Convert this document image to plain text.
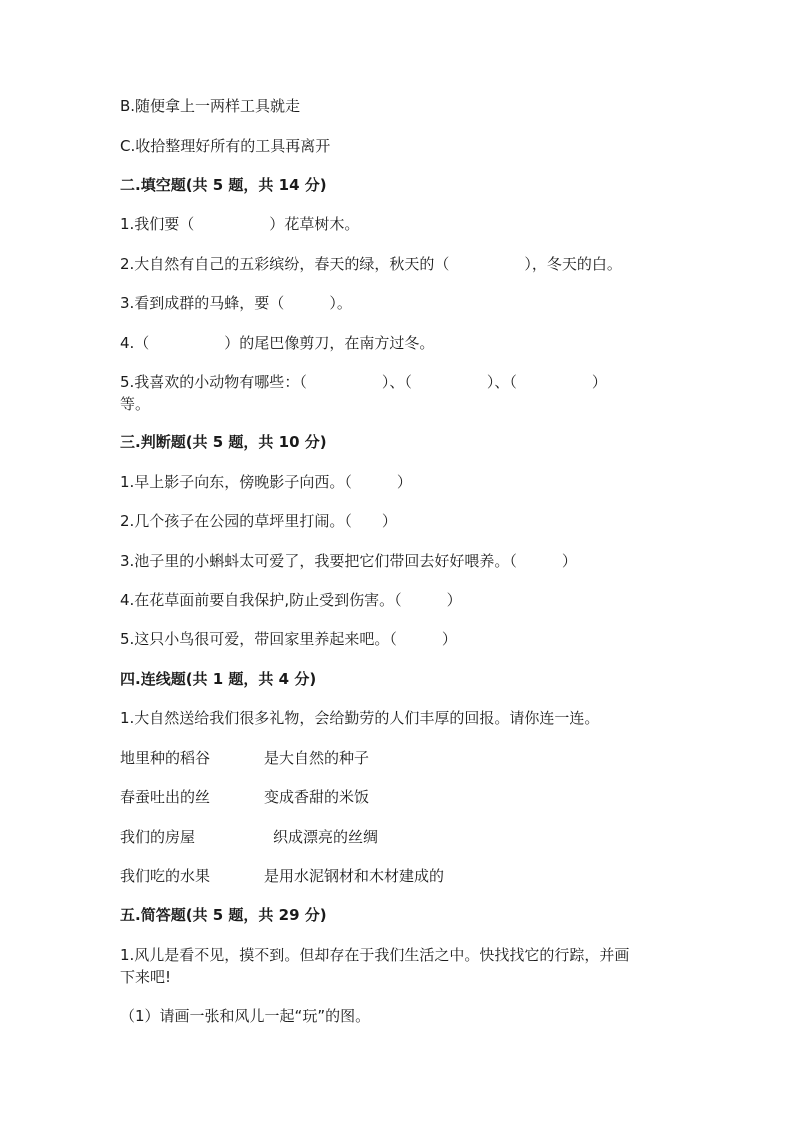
B.随便拿上一两样工具就走
C.收拾整理好所有的工具再离开
二.填空题(共 5 题，共 14 分)
1.我们要（　　　　　）花草树木。
2.大自然有自己的五彩缤纷，春天的绿，秋天的（　　　　　），冬天的白。
3.看到成群的马蜂，要（　　　）。
4.（　　　　　）的尾巴像剪刀，在南方过冬。
5.我喜欢的小动物有哪些：（　　　　　）、（　　　　　）、（　　　　　）
等。
三.判断题(共 5 题，共 10 分)
1.早上影子向东，傍晚影子向西。（　　　）
2.几个孩子在公园的草坪里打闹。（　　）
3.池子里的小蝌蚪太可爱了，我要把它们带回去好好喂养。（　　　）
4.在花草面前要自我保护,防止受到伤害。（　　　）
5.这只小鸟很可爱，带回家里养起来吧。（　　　）
四.连线题(共 1 题，共 4 分)
1.大自然送给我们很多礼物，会给勤劳的人们丰厚的回报。请你连一连。
地里种的稻谷	是大自然的种子
春蚕吐出的丝	变成香甜的米饭
我们的房屋	织成漂亮的丝绸
我们吃的水果	是用水泥钢材和木材建成的
五.简答题(共 5 题，共 29 分)
1.风儿是看不见，摸不到。但却存在于我们生活之中。快找找它的行踪，并画
下来吧!
（1）请画一张和风儿一起“玩”的图。
